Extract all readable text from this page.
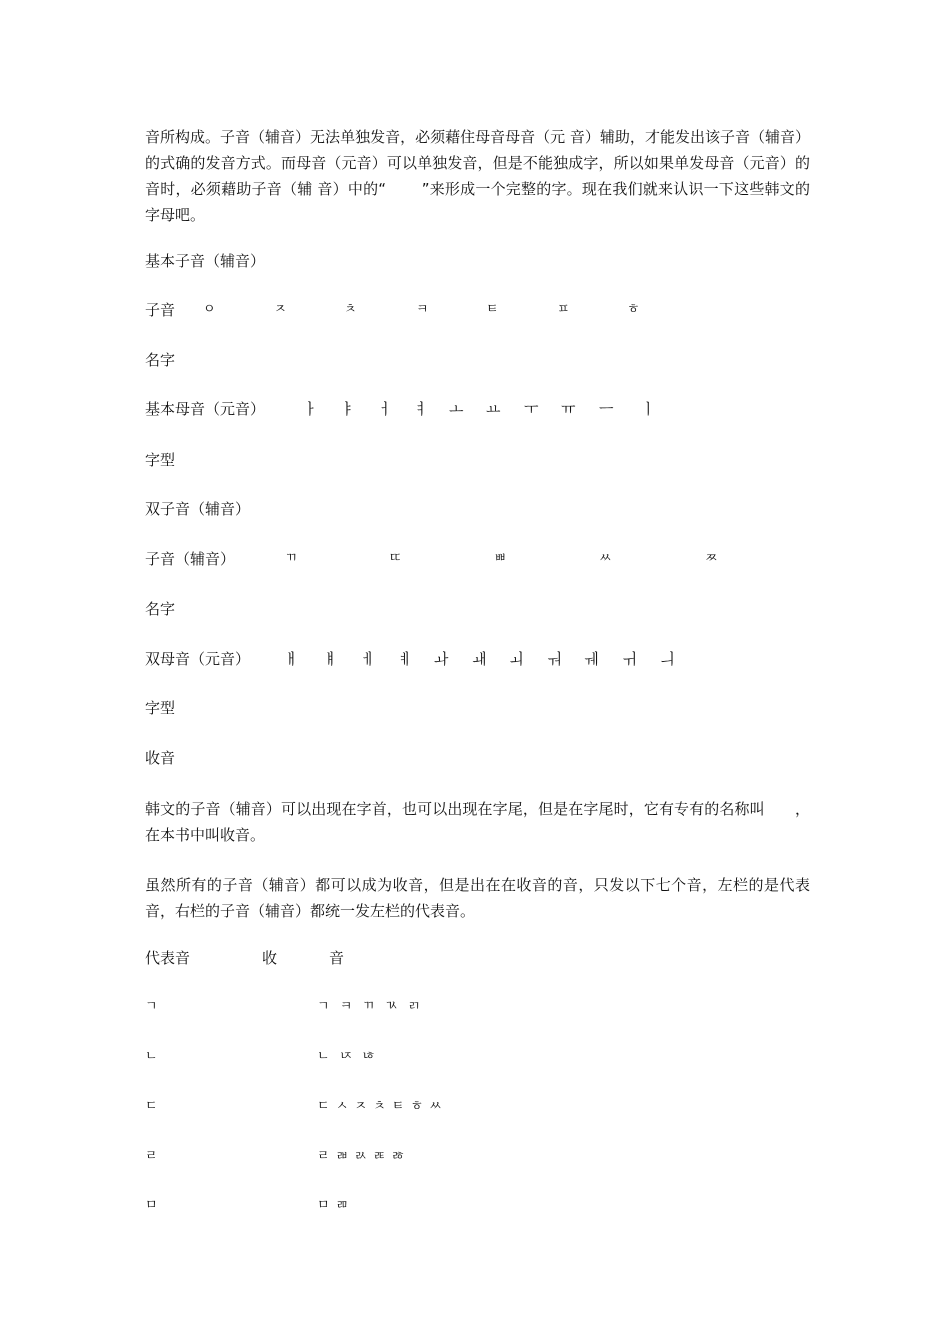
音所构成。子音（辅音）无法单独发音，必须藉住母音母音（元 音）辅助，才能发出该子音（辅音）的式确的发音方式。而母音（元音）可以单独发音，但是不能独成字，所以如果单发母音（元音）的音时，必须藉助子音（辅 音）中的“　　 ”来形成一个完整的字。现在我们就来认识一下这些韩文的字母吧。
基本子音（辅音）
子音 ㅇ	ㅈ	ㅊ	ㅋ	ㅌ	ㅍ	ㅎ
名字
基本母音（元音）	ㅏ ㅑ ㅓ ㅕ ㅗ ㅛ ㅜ ㅠ ㅡ ㅣ
字型
双子音（辅音）
子音（辅音）	ㄲ	ㄸ	ㅃ	ㅆ	ㅉ
名字
双母音（元音） ㅐ ㅒ ㅔ ㅖ ㅘ ㅙ ㅚ ㅝ ㅞ ㅟ ㅢ
字型
收音
韩文的子音（辅音）可以出现在字首，也可以出现在字尾，但是在字尾时，它有专有的名称叫　　，在本书中叫收音。
虽然所有的子音（辅音）都可以成为收音，但是出在在收音的音，只发以下七个音，左栏的是代表音，右栏的子音（辅音）都统一发左栏的代表音。
代表音	收	音
ㄱ	ㄱ ㅋ ㄲ ㄳ ㄺ
ㄴ	ㄴ ㄵ ㄶ
ㄷ	ㄷ ㅅ ㅈ ㅊ ㅌ ㅎ ㅆ
ㄹ	ㄹ ㄼ ㄽ ㄾ ㅀ
ㅁ	ㅁ ㄻ
